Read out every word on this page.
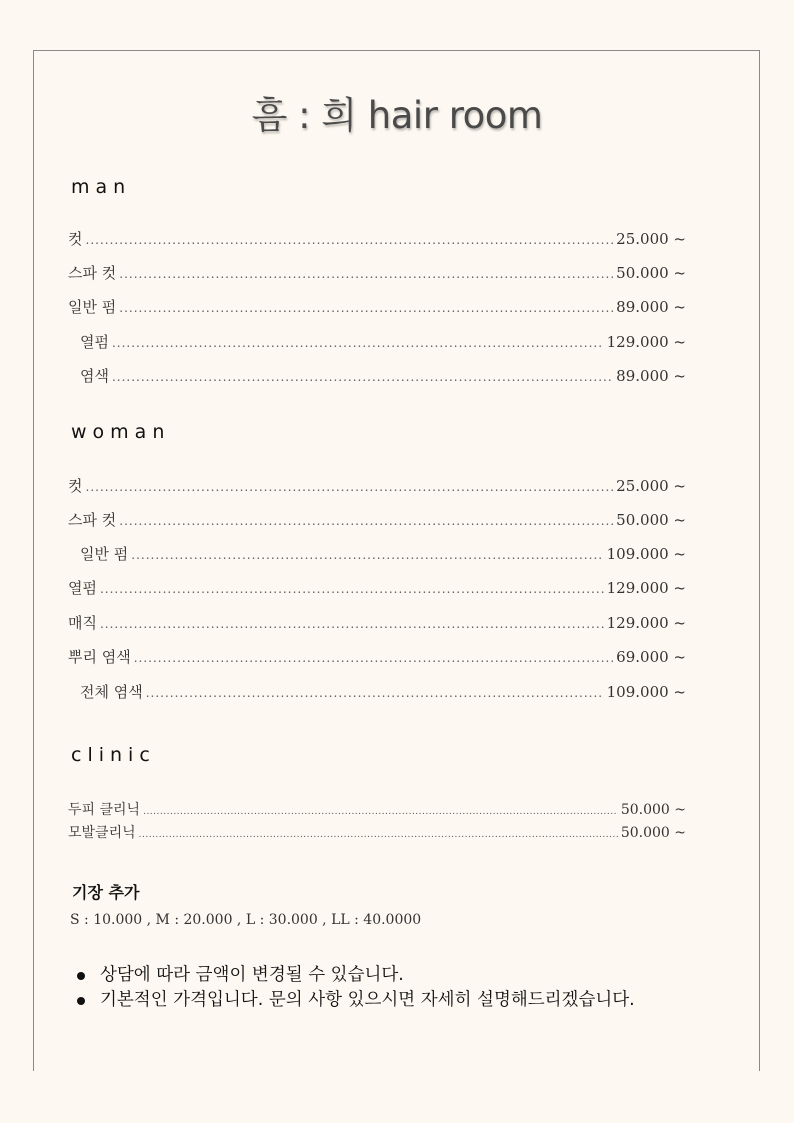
흠 : 희 hair room
man
컷 .....	25.000 ~
스파 컷 .....	50.000 ~
일반 펌 .....	89.000 ~
열펌 .....	129.000 ~
염색 .....	89.000 ~
woman
컷 .....	25.000 ~
스파 컷 .....	50.000 ~
일반 펌 .....	109.000 ~
열펌 .....	129.000 ~
매직 .....	129.000 ~
뿌리 염색 .....	69.000 ~
전체 염색 .....	109.000 ~
clinic
두피 클리닉 .....	50.000 ~
모발클리닉 .....	50.000 ~
기장 추가
S : 10.000 , M : 20.000 , L : 30.000 , LL : 40.0000
상담에 따라 금액이 변경될 수 있습니다.
기본적인 가격입니다. 문의 사항 있으시면 자세히 설명해드리겠습니다.
